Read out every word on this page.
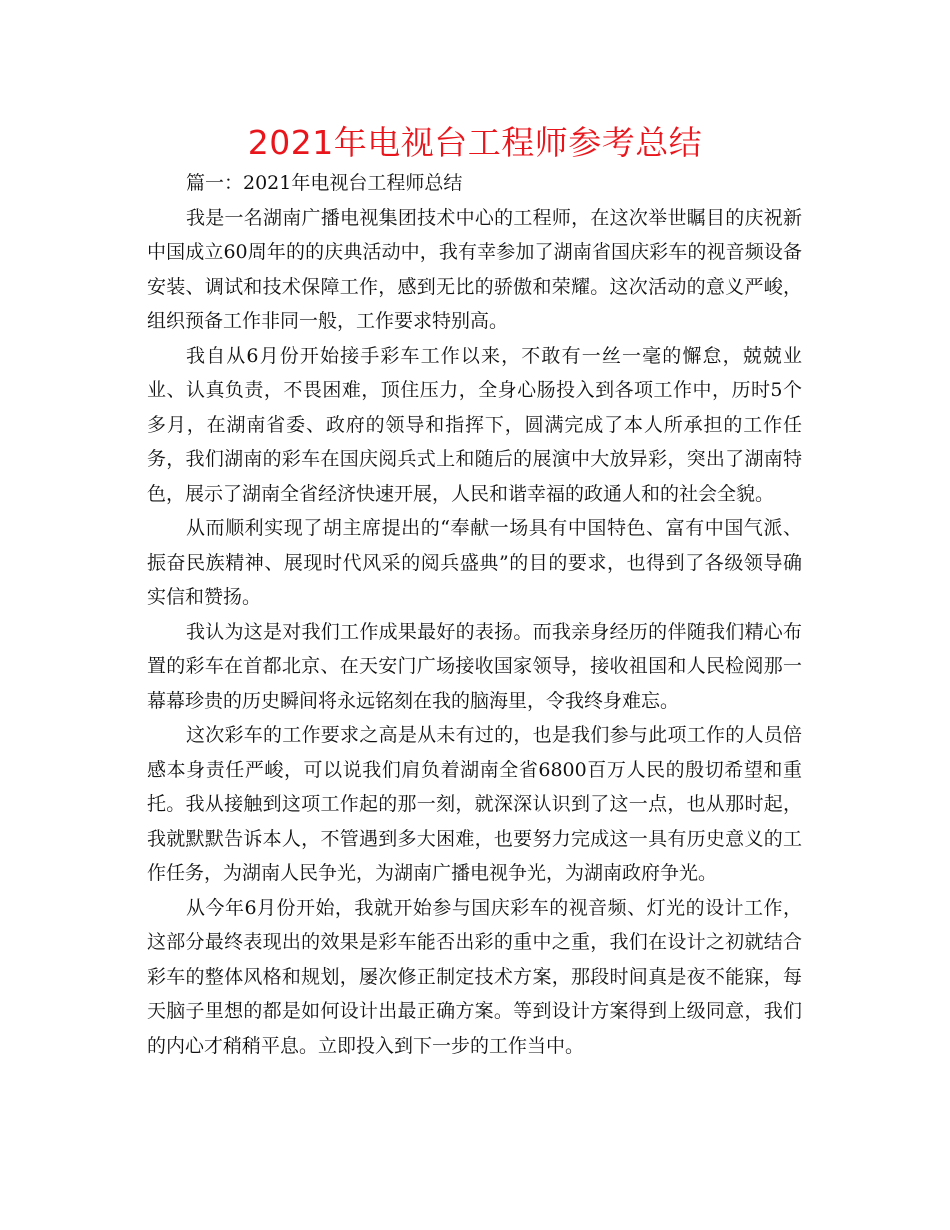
2021年电视台工程师参考总结

篇一：2021年电视台工程师总结

我是一名湖南广播电视集团技术中心的工程师，在这次举世瞩目的庆祝新中国成立60周年的的庆典活动中，我有幸参加了湖南省国庆彩车的视音频设备安装、调试和技术保障工作，感到无比的骄傲和荣耀。这次活动的意义严峻，组织预备工作非同一般，工作要求特别高。

我自从6月份开始接手彩车工作以来，不敢有一丝一毫的懈怠，兢兢业业、认真负责，不畏困难，顶住压力，全身心肠投入到各项工作中，历时5个多月，在湖南省委、政府的领导和指挥下，圆满完成了本人所承担的工作任务，我们湖南的彩车在国庆阅兵式上和随后的展演中大放异彩，突出了湖南特色，展示了湖南全省经济快速开展，人民和谐幸福的政通人和的社会全貌。

从而顺利实现了胡主席提出的“奉献一场具有中国特色、富有中国气派、振奋民族精神、展现时代风采的阅兵盛典”的目的要求，也得到了各级领导确实信和赞扬。

我认为这是对我们工作成果最好的表扬。而我亲身经历的伴随我们精心布置的彩车在首都北京、在天安门广场接收国家领导，接收祖国和人民检阅那一幕幕珍贵的历史瞬间将永远铭刻在我的脑海里，令我终身难忘。

这次彩车的工作要求之高是从未有过的，也是我们参与此项工作的人员倍感本身责任严峻，可以说我们肩负着湖南全省6800百万人民的殷切希望和重托。我从接触到这项工作起的那一刻，就深深认识到了这一点，也从那时起，我就默默告诉本人，不管遇到多大困难，也要努力完成这一具有历史意义的工作任务，为湖南人民争光，为湖南广播电视争光，为湖南政府争光。

从今年6月份开始，我就开始参与国庆彩车的视音频、灯光的设计工作，这部分最终表现出的效果是彩车能否出彩的重中之重，我们在设计之初就结合彩车的整体风格和规划，屡次修正制定技术方案，那段时间真是夜不能寐，每天脑子里想的都是如何设计出最正确方案。等到设计方案得到上级同意，我们的内心才稍稍平息。立即投入到下一步的工作当中。
